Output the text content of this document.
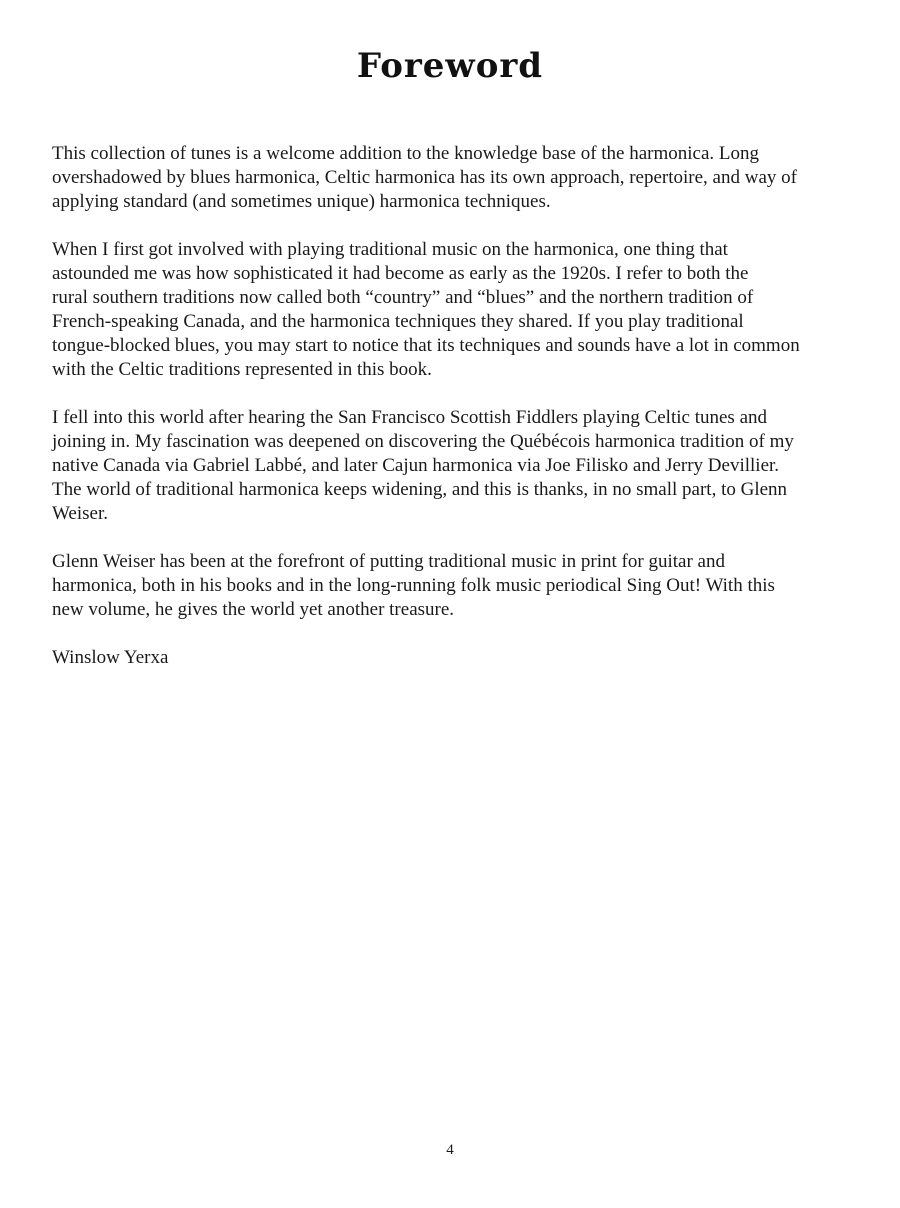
Foreword

This collection of tunes is a welcome addition to the knowledge base of the harmonica. Long
overshadowed by blues harmonica, Celtic harmonica has its own approach, repertoire, and way of
applying standard (and sometimes unique) harmonica techniques.

When I first got involved with playing traditional music on the harmonica, one thing that
astounded me was how sophisticated it had become as early as the 1920s. I refer to both the
rural southern traditions now called both “country” and “blues” and the northern tradition of
French-speaking Canada, and the harmonica techniques they shared. If you play traditional
tongue-blocked blues, you may start to notice that its techniques and sounds have a lot in common
with the Celtic traditions represented in this book.

I fell into this world after hearing the San Francisco Scottish Fiddlers playing Celtic tunes and
joining in. My fascination was deepened on discovering the Québécois harmonica tradition of my
native Canada via Gabriel Labbé, and later Cajun harmonica via Joe Filisko and Jerry Devillier.
The world of traditional harmonica keeps widening, and this is thanks, in no small part, to Glenn
Weiser.

Glenn Weiser has been at the forefront of putting traditional music in print for guitar and
harmonica, both in his books and in the long-running folk music periodical Sing Out! With this
new volume, he gives the world yet another treasure.

Winslow Yerxa

4
